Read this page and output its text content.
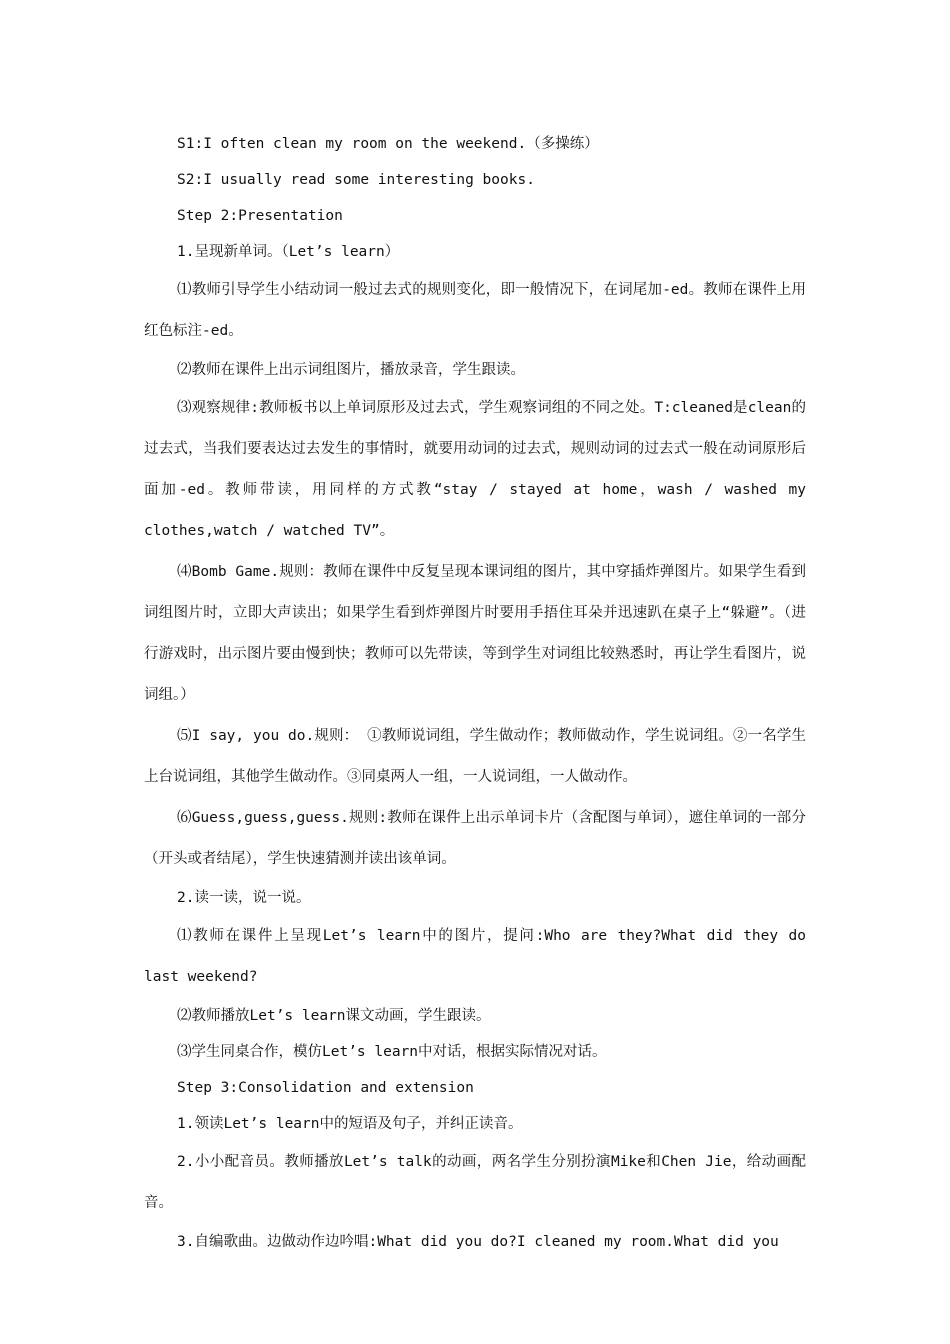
S1:I often clean my room on the weekend.（多操练）

S2:I usually read some interesting books.

Step 2:Presentation

1.呈现新单词。（Let’s learn）

⑴教师引导学生小结动词一般过去式的规则变化，即一般情况下，在词尾加-ed。教师在课件上用红色标注-ed。

⑵教师在课件上出示词组图片，播放录音，学生跟读。

⑶观察规律:教师板书以上单词原形及过去式，学生观察词组的不同之处。T:cleaned是clean的过去式，当我们要表达过去发生的事情时，就要用动词的过去式，规则动词的过去式一般在动词原形后面加-ed。教师带读，用同样的方式教“stay / stayed at home，wash / washed my clothes,watch / watched TV”。

⑷Bomb Game.规则：教师在课件中反复呈现本课词组的图片，其中穿插炸弹图片。如果学生看到词组图片时，立即大声读出；如果学生看到炸弹图片时要用手捂住耳朵并迅速趴在桌子上“躲避”。（进行游戏时，出示图片要由慢到快；教师可以先带读，等到学生对词组比较熟悉时，再让学生看图片，说词组。）

⑸I say, you do.规则： ①教师说词组，学生做动作；教师做动作，学生说词组。②一名学生上台说词组，其他学生做动作。③同桌两人一组，一人说词组，一人做动作。

⑹Guess,guess,guess.规则:教师在课件上出示单词卡片（含配图与单词），遮住单词的一部分（开头或者结尾），学生快速猜测并读出该单词。

2.读一读，说一说。

⑴教师在课件上呈现Let’s learn中的图片，提问:Who are they?What did they do last weekend?

⑵教师播放Let’s learn课文动画，学生跟读。

⑶学生同桌合作，模仿Let’s learn中对话，根据实际情况对话。

Step 3:Consolidation and extension

1.领读Let’s learn中的短语及句子，并纠正读音。

2.小小配音员。教师播放Let’s talk的动画，两名学生分别扮演Mike和Chen Jie，给动画配音。

3.自编歌曲。边做动作边吟唱:What did you do?I cleaned my room.What did you
